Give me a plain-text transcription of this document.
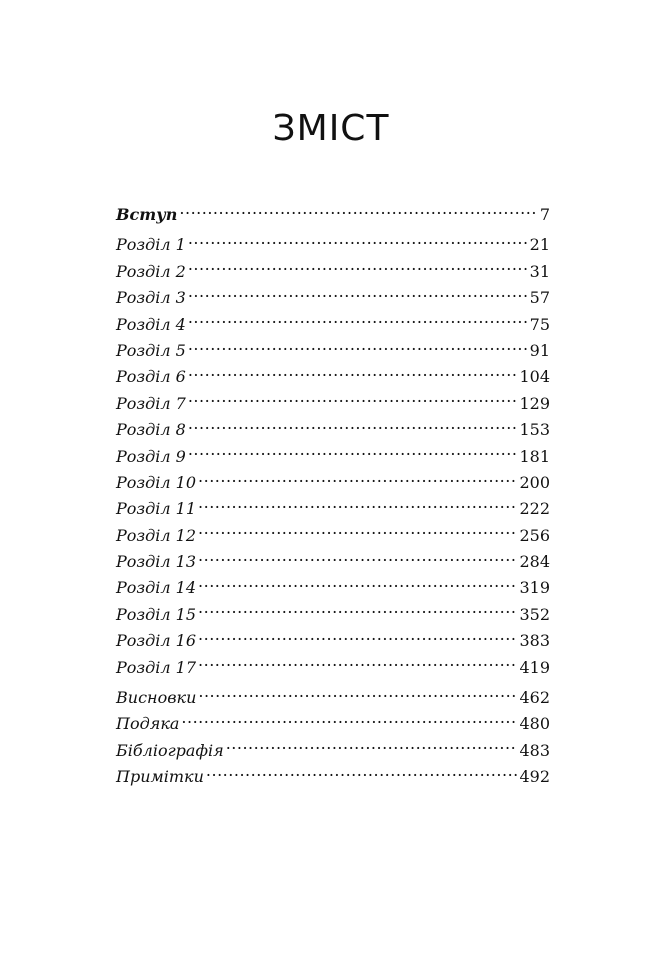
ЗМІСТ
Вступ .....	7
Розділ 1 .....	21
Розділ 2 .....	31
Розділ 3 .....	57
Розділ 4 .....	75
Розділ 5 .....	91
Розділ 6 .....	104
Розділ 7 .....	129
Розділ 8 .....	153
Розділ 9 .....	181
Розділ 10 .....	200
Розділ 11 .....	222
Розділ 12 .....	256
Розділ 13 .....	284
Розділ 14 .....	319
Розділ 15 .....	352
Розділ 16 .....	383
Розділ 17 .....	419
Висновки .....	462
Подяка .....	480
Бібліографія .....	483
Примітки .....	492
